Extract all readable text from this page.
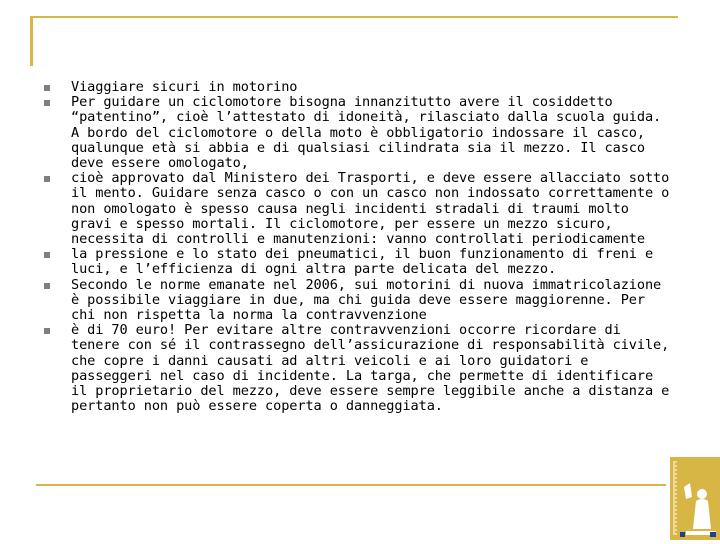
Viaggiare sicuri in motorino
Per guidare un ciclomotore bisogna innanzitutto avere il cosiddetto “patentino”, cioè l’attestato di idoneità, rilasciato dalla scuola guida. A bordo del ciclomotore o della moto è obbligatorio indossare il casco, qualunque età si abbia e di qualsiasi cilindrata sia il mezzo. Il casco deve essere omologato,
cioè approvato dal Ministero dei Trasporti, e deve essere allacciato sotto il mento. Guidare senza casco o con un casco non indossato correttamente o non omologato è spesso causa negli incidenti stradali di traumi molto gravi e spesso mortali. Il ciclomotore, per essere un mezzo sicuro, necessita di controlli e manutenzioni: vanno controllati periodicamente
la pressione e lo stato dei pneumatici, il buon funzionamento di freni e luci, e l’efficienza di ogni altra parte delicata del mezzo.
Secondo le norme emanate nel 2006, sui motorini di nuova immatricolazione è possibile viaggiare in due, ma chi guida deve essere maggiorenne. Per chi non rispetta la norma la contravvenzione
è di 70 euro! Per evitare altre contravvenzioni occorre ricordare di tenere con sé il contrassegno dell’assicurazione di responsabilità civile, che copre i danni causati ad altri veicoli e ai loro guidatori e passeggeri nel caso di incidente. La targa, che permette di identificare il proprietario del mezzo, deve essere sempre leggibile anche a distanza e pertanto non può essere coperta o danneggiata.
